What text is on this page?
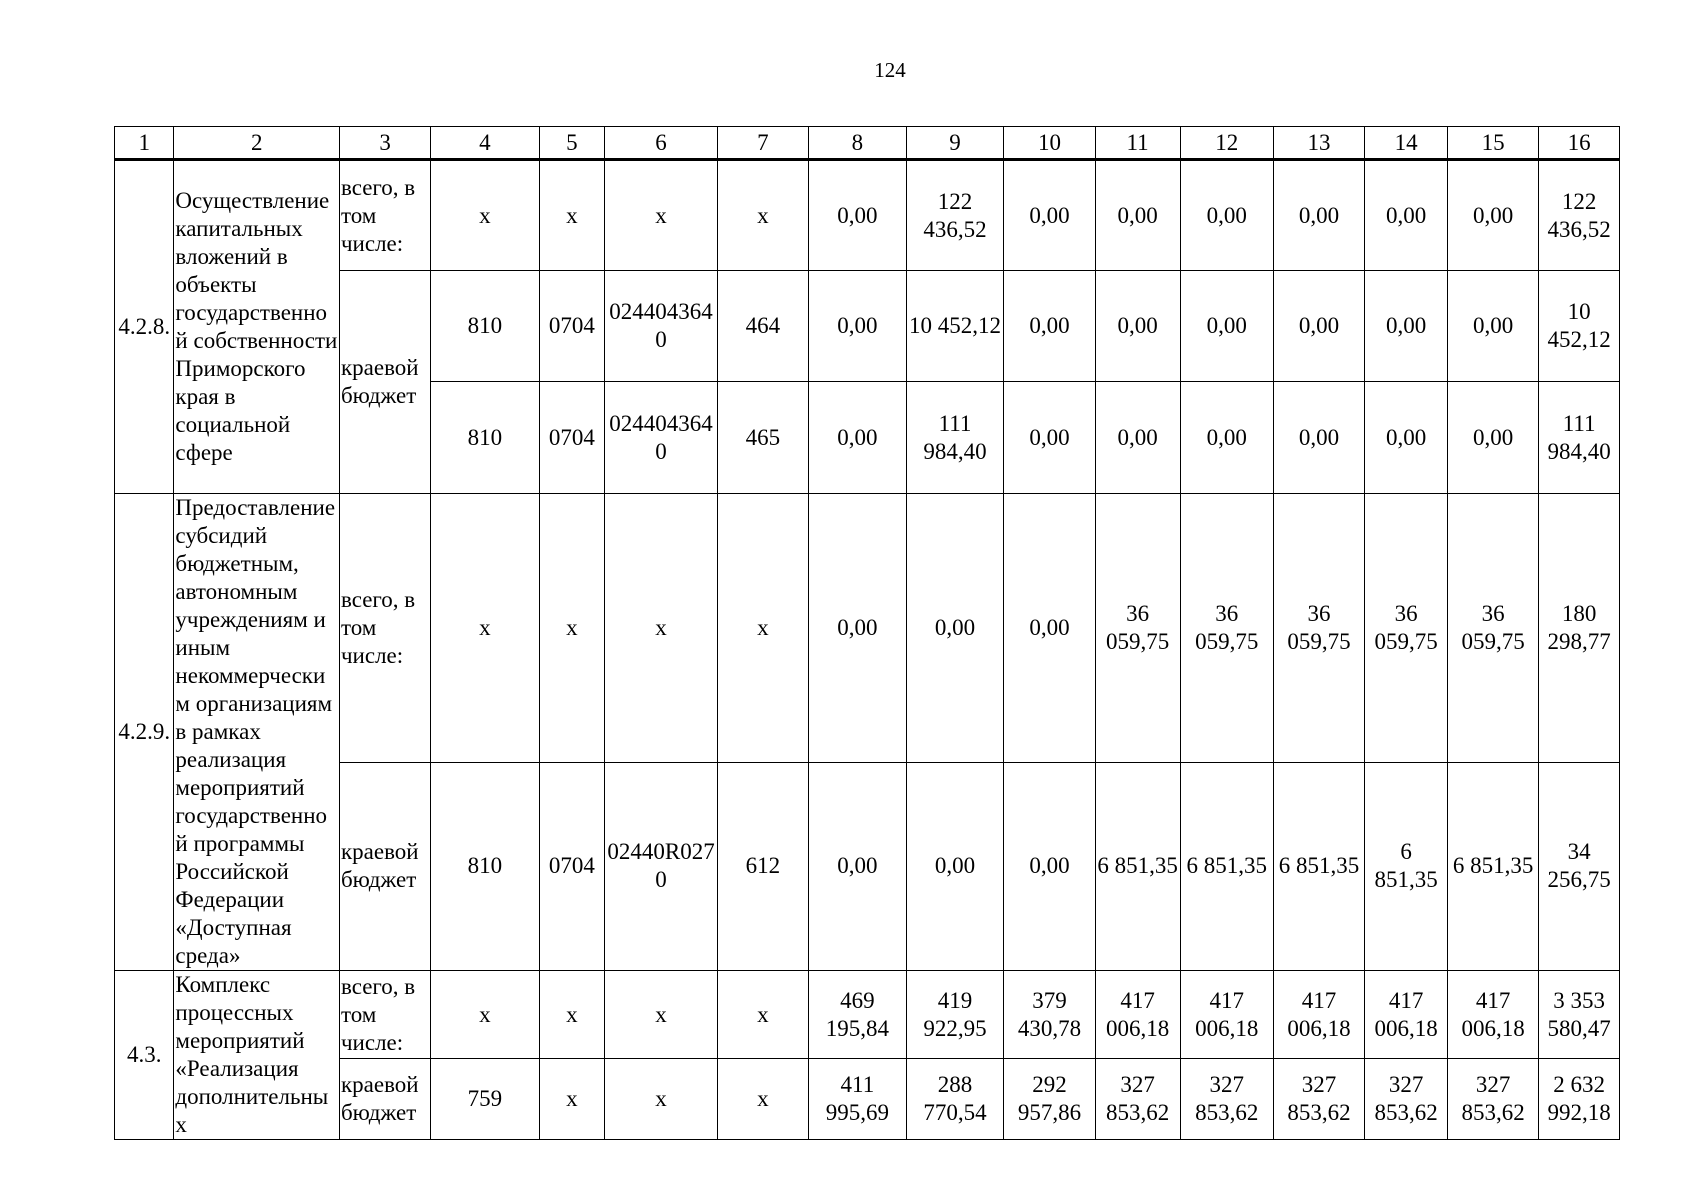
124
1	2	3	4	5	6	7	8	9	10	11	12	13	14	15	16
4.2.8.	Осуществление капитальных вложений в объекты государственной собственности Приморского края в социальной сфере	всего, в том числе:	х	х	х	х	0,00	122 436,52	0,00	0,00	0,00	0,00	0,00	0,00	122 436,52
		краевой бюджет	810	0704	0244043640	464	0,00	10 452,12	0,00	0,00	0,00	0,00	0,00	0,00	10 452,12
			810	0704	0244043640	465	0,00	111 984,40	0,00	0,00	0,00	0,00	0,00	0,00	111 984,40
4.2.9.	Предоставление субсидий бюджетным, автономным учреждениям и иным некоммерческим организациям в рамках реализация мероприятий государственной программы Российской Федерации «Доступная среда»	всего, в том числе:	х	х	х	х	0,00	0,00	0,00	36 059,75	36 059,75	36 059,75	36 059,75	36 059,75	180 298,77
		краевой бюджет	810	0704	02440R0270	612	0,00	0,00	0,00	6 851,35	6 851,35	6 851,35	6 851,35	6 851,35	34 256,75
4.3.	Комплекс процессных мероприятий «Реализация дополнительных	всего, в том числе:	х	х	х	х	469 195,84	419 922,95	379 430,78	417 006,18	417 006,18	417 006,18	417 006,18	417 006,18	3 353 580,47
		краевой бюджет	759	х	х	х	411 995,69	288 770,54	292 957,86	327 853,62	327 853,62	327 853,62	327 853,62	327 853,62	2 632 992,18
